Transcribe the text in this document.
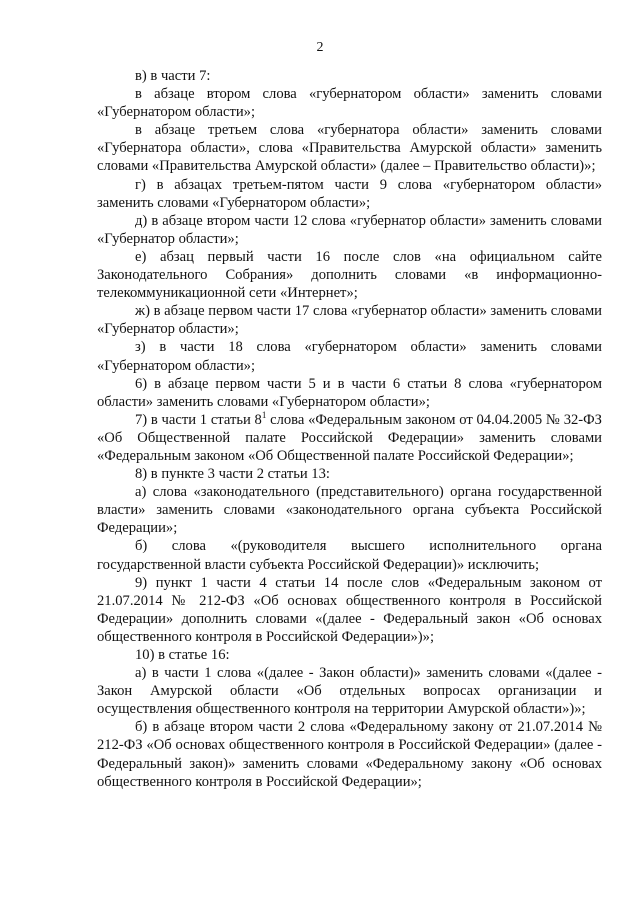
2

в) в части 7:

в абзаце втором слова «губернатором области» заменить словами «Губернатором области»;

в абзаце третьем слова «губернатора области» заменить словами «Губернатора области», слова «Правительства Амурской области» заменить словами «Правительства Амурской области» (далее – Правительство области)»;

г) в абзацах третьем-пятом части 9 слова «губернатором области» заменить словами «Губернатором области»;

д) в абзаце втором части 12 слова «губернатор области» заменить словами «Губернатор области»;

е) абзац первый части 16 после слов «на официальном сайте Законодательного Собрания» дополнить словами «в информационно-телекоммуникационной сети «Интернет»;

ж) в абзаце первом части 17 слова «губернатор области» заменить словами «Губернатор области»;

з) в части 18 слова «губернатором области» заменить словами «Губернатором области»;

6) в абзаце первом части 5 и в части 6 статьи 8 слова «губернатором области» заменить словами «Губернатором области»;

7) в части 1 статьи $8^1$ слова «Федеральным законом от 04.04.2005 № 32-ФЗ «Об Общественной палате Российской Федерации» заменить словами «Федеральным законом «Об Общественной палате Российской Федерации»;

8) в пункте 3 части 2 статьи 13:

а) слова «законодательного (представительного) органа государственной власти» заменить словами «законодательного органа субъекта Российской Федерации»;

б) слова «(руководителя высшего исполнительного органа государственной власти субъекта Российской Федерации)» исключить;

9) пункт 1 части 4 статьи 14 после слов «Федеральным законом от 21.07.2014 № 212-ФЗ «Об основах общественного контроля в Российской Федерации» дополнить словами «(далее - Федеральный закон «Об основах общественного контроля в Российской Федерации»)»;

10) в статье 16:

а) в части 1 слова «(далее - Закон области)» заменить словами «(далее - Закон Амурской области «Об отдельных вопросах организации и осуществления общественного контроля на территории Амурской области»)»;

б) в абзаце втором части 2 слова «Федеральному закону от 21.07.2014 № 212-ФЗ «Об основах общественного контроля в Российской Федерации» (далее - Федеральный закон)» заменить словами «Федеральному закону «Об основах общественного контроля в Российской Федерации»;
